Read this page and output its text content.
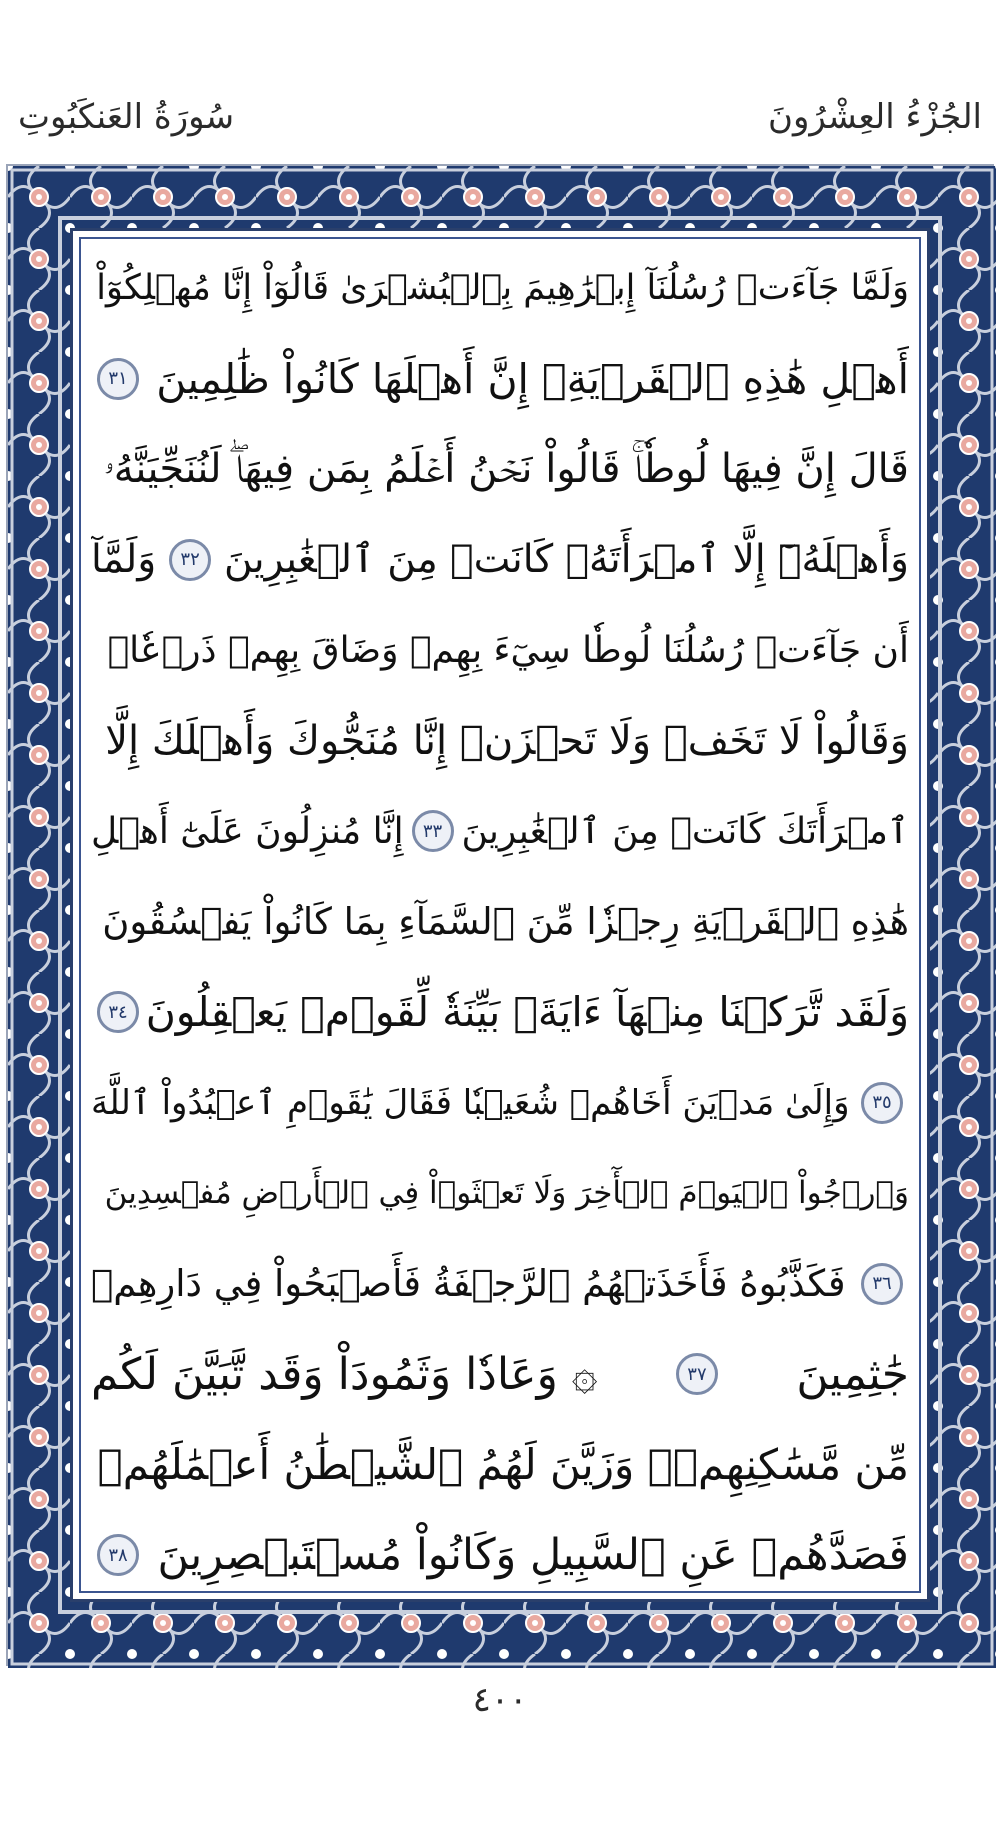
الجُزْءُ العِشْرُونَ
سُورَةُ العَنكَبُوتِ
وَلَمَّا جَآءَتۡ رُسُلُنَآ إِبۡرَٰهِيمَ بِٱلۡبُشۡرَىٰ قَالُوٓاْ إِنَّا مُهۡلِكُوٓاْ
أَهۡلِ هَٰذِهِ ٱلۡقَرۡيَةِۖ إِنَّ أَهۡلَهَا كَانُواْ ظَٰلِمِينَ
٣١
قَالَ إِنَّ فِيهَا لُوطٗاۚ قَالُواْ نَحۡنُ أَعۡلَمُ بِمَن فِيهَاۖ لَنُنَجِّيَنَّهُۥ
وَأَهۡلَهُۥٓ إِلَّا ٱمۡرَأَتَهُۥ كَانَتۡ مِنَ ٱلۡغَٰبِرِينَ
٣٢
وَلَمَّآ
أَن جَآءَتۡ رُسُلُنَا لُوطٗا سِيٓءَ بِهِمۡ وَضَاقَ بِهِمۡ ذَرۡعٗاۖ
وَقَالُواْ لَا تَخَفۡ وَلَا تَحۡزَنۡ إِنَّا مُنَجُّوكَ وَأَهۡلَكَ إِلَّا
ٱمۡرَأَتَكَ كَانَتۡ مِنَ ٱلۡغَٰبِرِينَ
٣٣
إِنَّا مُنزِلُونَ عَلَىٰٓ أَهۡلِ
هَٰذِهِ ٱلۡقَرۡيَةِ رِجۡزٗا مِّنَ ٱلسَّمَآءِ بِمَا كَانُواْ يَفۡسُقُونَ
وَلَقَد تَّرَكۡنَا مِنۡهَآ ءَايَةَۢ بَيِّنَةٗ لِّقَوۡمٖ يَعۡقِلُونَ
٣٤
٣٥
وَإِلَىٰ مَدۡيَنَ أَخَاهُمۡ شُعَيۡبٗا فَقَالَ يَٰقَوۡمِ ٱعۡبُدُواْ ٱللَّهَ
وَٱرۡجُواْ ٱلۡيَوۡمَ ٱلۡأٓخِرَ وَلَا تَعۡثَوۡاْ فِي ٱلۡأَرۡضِ مُفۡسِدِينَ
٣٦
فَكَذَّبُوهُ فَأَخَذَتۡهُمُ ٱلرَّجۡفَةُ فَأَصۡبَحُواْ فِي دَارِهِمۡ
جَٰثِمِينَ
٣٧
۞ وَعَادٗا وَثَمُودَاْ وَقَد تَّبَيَّنَ لَكُم
مِّن مَّسَٰكِنِهِمۡۖ وَزَيَّنَ لَهُمُ ٱلشَّيۡطَٰنُ أَعۡمَٰلَهُمۡ
فَصَدَّهُمۡ عَنِ ٱلسَّبِيلِ وَكَانُواْ مُسۡتَبۡصِرِينَ
٣٨
٤٠٠
